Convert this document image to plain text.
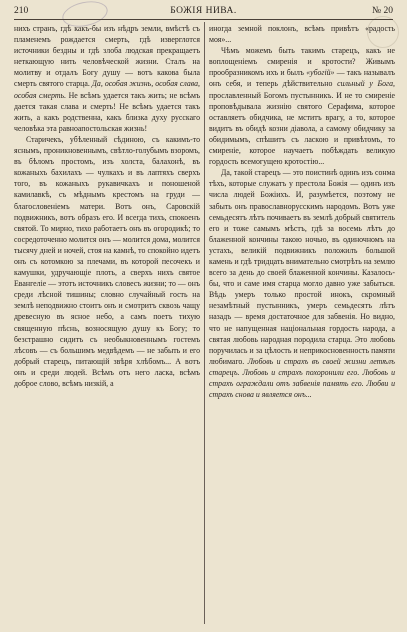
210	БОЖІЯ НИВА.	№ 20

нихъ странъ, гдѣ какъ-бы изъ нѣдръ земли, вмѣстѣ съ пламенемъ рождается смерть, гдѣ изверглотся источники бездны и гдѣ злоба людская прекращаетъ неткающую нить человѣческой жизни. Сталъ на молитву и отдалъ Богу душу — вотъ какова была смерть святого старца. Да, особая жизнь, особая слава, особая смерть. Не всѣмъ удается такъ жить; не всѣмъ дается такая слава и смерть! Не всѣмъ удается такъ жить, а какъ родственна, какъ близка духу русскаго человѣка эта равноапостольская жизнь!

Старичекъ, убѣленный сѣдиною, съ какимъ-то яснымъ, проникновеннымъ, свѣтло-голубымъ взоромъ, въ бѣломъ простомъ, изъ холста, балахонѣ, въ кожаныхъ бахилахъ — чулкахъ и въ лаптяхъ сверхъ того, въ кожаныхъ рукавичкахъ и поношеной камилавкѣ, съ мѣднымъ крестомъ на груди — благословеніемъ матери. Вотъ онъ, Саровскій подвижникъ, вотъ образъ его. И всегда тихъ, спокоенъ святой. То мирно, тихо работаетъ онъ въ огородикѣ; то сосредоточенно молится онъ — молится дома, молится тысячу дней и ночей, стоя на камнѣ, то спокойно идетъ онъ съ котомкою за плечами, въ которой песочекъ и камушки, удручающіе плоть, а сверхъ нихъ святое Евангеліе — этотъ источникъ словесъ жизни; то — онъ среди лѣсной тишины; словно случайный гость на землѣ неподвижно стоитъ онъ и смотритъ сквозь чащу древесную въ ясное небо, а самъ поетъ тихую священную пѣснь, возносящую душу къ Богу; то безстрашно сидитъ съ необыкновеннымъ гостемъ лѣсовъ — съ большимъ медвѣдемъ — не забыть и его добрый старецъ, питающій звѣря хлѣбомъ... А вотъ онъ и среди людей. Всѣмъ отъ него ласка, всѣмъ доброе слово, всѣмъ низкій, а

иногда земной поклонъ, всѣмъ привѣтъ «радость моя»...

Чѣмъ можемъ быть такимъ старецъ, какъ не воплощеніемъ смиренія и кротости? Живымъ прообразникомъ ихъ и былъ «убогій» — такъ называлъ онъ себя, и теперь дѣйствительно сильный у Бога, прославленный Богомъ пустынникъ. И не то смиреніе проповѣдывала жизнію святого Серафима, которое оставляетъ обидчика, не мститъ врагу, а то, которое видитъ въ обидѣ козни діавола, а самому обидчику за обидимымъ, спѣшитъ съ ласкою и привѣтомъ, то смиреніе, которое научаетъ побѣждать великую гордость всемогущею кротостію...

Да, такой старецъ — это поистинѣ одинъ изъ сонма тѣхъ, которые служатъ у престола Божія — одинъ изъ числа людей Божіихъ. И, разумѣется, поэтому не забыть онъ православнорусскимъ народомъ. Вотъ уже семьдесятъ лѣтъ почиваетъ въ землѣ добрый святитель его и тоже самымъ мѣстъ, гдѣ за восемь лѣтъ до блаженной кончины такою ночью, въ одиночномъ на устахъ, великій подвижникъ положилъ большой камень и гдѣ тридцать внимательно смотрѣть на землю всего за день до своей блаженной кончины. Казалось-бы, что и саме имя старца могло давно уже забыться. Вѣдь умеръ только простой инокъ, скромный незамѣтный пустынникъ, умеръ семьдесятъ лѣтъ назадъ — время достаточное для забвенія. Но видно, что не напущенная національная гордость народа, а святая любовь народная породила старца. Это любовь поручилась и за цѣлость и неприкосновенность памяти любимаго. Любовь и страхъ въ своей жизни летѣлъ старецъ. Любовь и страхъ похоронили его. Любовь и страхъ ограждали отъ забвенія память его. Любви и страхъ снова и является онъ...
